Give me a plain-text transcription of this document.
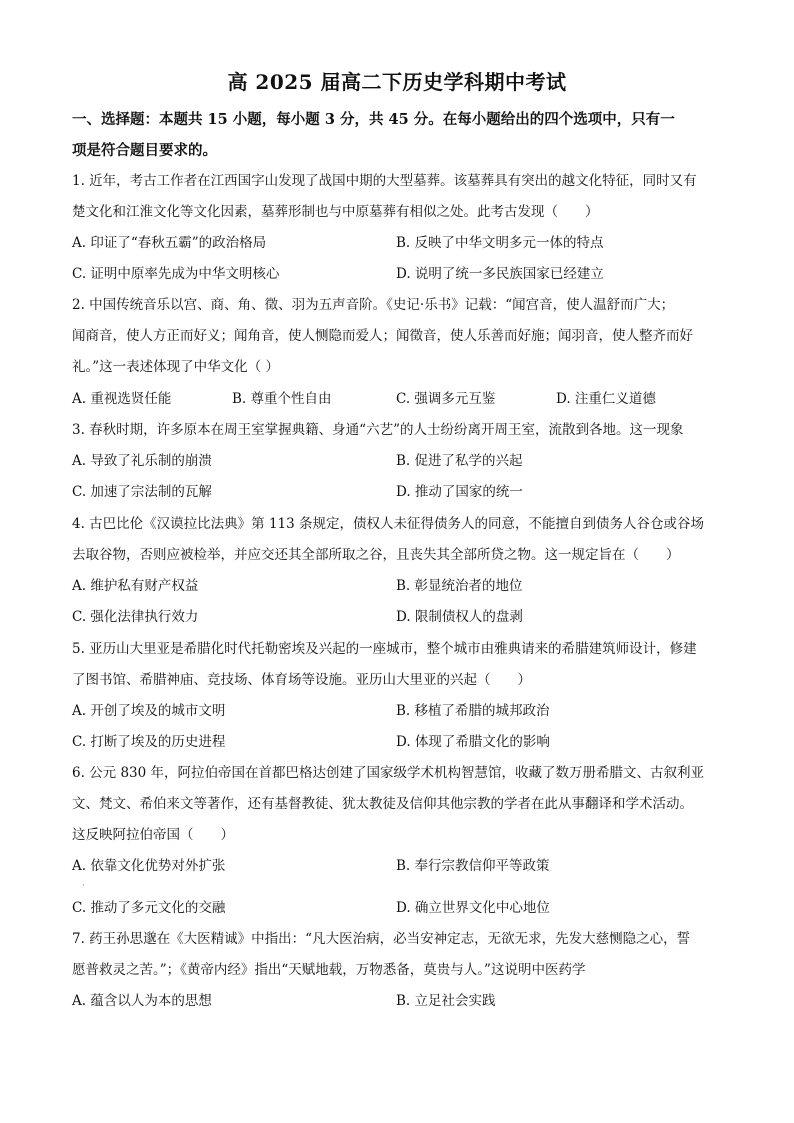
高 2025 届高二下历史学科期中考试
一、选择题：本题共 15 小题，每小题 3 分，共 45 分。在每小题给出的四个选项中，只有一
项是符合题目要求的。
1. 近年，考古工作者在江西国字山发现了战国中期的大型墓葬。该墓葬具有突出的越文化特征，同时又有
楚文化和江淮文化等文化因素，墓葬形制也与中原墓葬有相似之处。此考古发现（　　）
A. 印证了“春秋五霸”的政治格局	B. 反映了中华文明多元一体的特点
C. 证明中原率先成为中华文明核心	D. 说明了统一多民族国家已经建立
2. 中国传统音乐以宫、商、角、徵、羽为五声音阶。《史记·乐书》记载：“闻宫音，使人温舒而广大；
闻商音，使人方正而好义；闻角音，使人恻隐而爱人；闻徵音，使人乐善而好施；闻羽音，使人整齐而好
礼。”这一表述体现了中华文化（ ）
A. 重视选贤任能	B. 尊重个性自由	C. 强调多元互鉴	D. 注重仁义道德
3. 春秋时期，许多原本在周王室掌握典籍、身通“六艺”的人士纷纷离开周王室，流散到各地。这一现象
A. 导致了礼乐制的崩溃	B. 促进了私学的兴起
C. 加速了宗法制的瓦解	D. 推动了国家的统一
4. 古巴比伦《汉谟拉比法典》第 113 条规定，债权人未征得债务人的同意，不能擅自到债务人谷仓或谷场
去取谷物，否则应被检举，并应交还其全部所取之谷，且丧失其全部所贷之物。这一规定旨在（　　）
A. 维护私有财产权益	B. 彰显统治者的地位
C. 强化法律执行效力	D. 限制债权人的盘剥
5. 亚历山大里亚是希腊化时代托勒密埃及兴起的一座城市，整个城市由雅典请来的希腊建筑师设计，修建
了图书馆、希腊神庙、竞技场、体育场等设施。亚历山大里亚的兴起（　　）
A. 开创了埃及的城市文明	B. 移植了希腊的城邦政治
C. 打断了埃及的历史进程	D. 体现了希腊文化的影响
6. 公元 830 年，阿拉伯帝国在首都巴格达创建了国家级学术机构智慧馆，收藏了数万册希腊文、古叙利亚
文、梵文、希伯来文等著作，还有基督教徒、犹太教徒及信仰其他宗教的学者在此从事翻译和学术活动。
这反映阿拉伯帝国（　　）
A. 依靠文化优势对外扩张	B. 奉行宗教信仰平等政策
·
C. 推动了多元文化的交融	D. 确立世界文化中心地位
7. 药王孙思邈在《大医精诚》中指出：“凡大医治病，必当安神定志，无欲无求，先发大慈恻隐之心，誓
愿普救灵之苦。”；《黄帝内经》指出“天赋地载，万物悉备，莫贵与人。”这说明中医药学
A. 蕴含以人为本的思想	B. 立足社会实践
